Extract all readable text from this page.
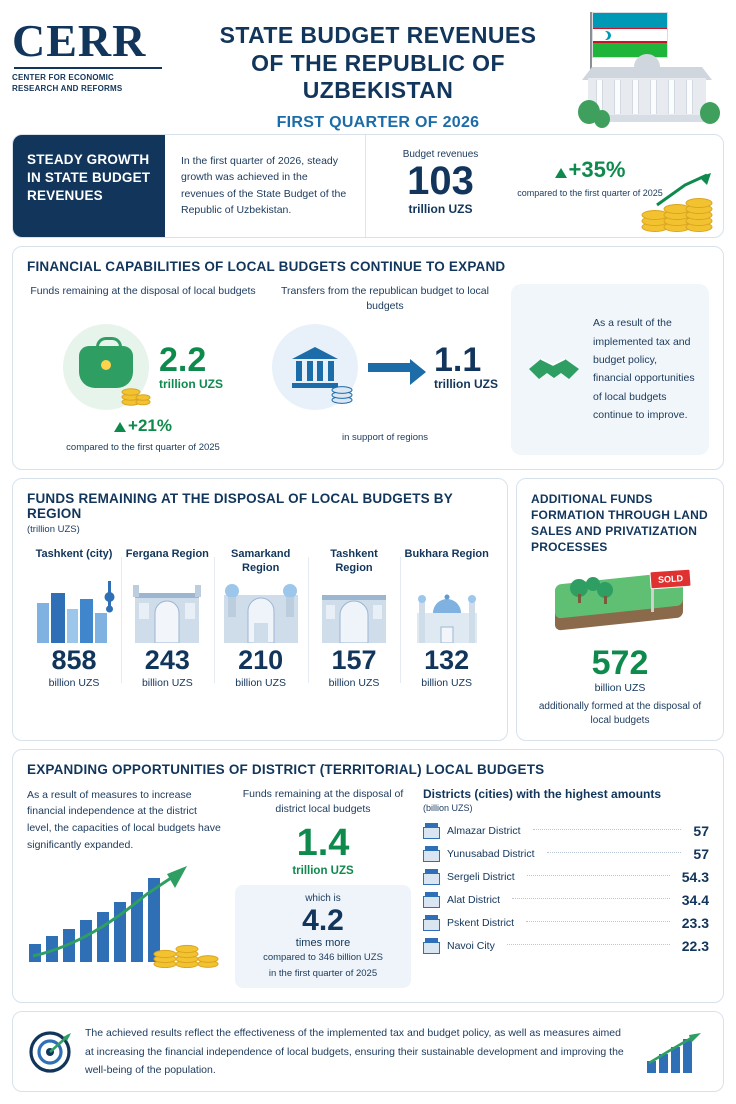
CERR
CENTER FOR ECONOMIC
RESEARCH AND REFORMS
STATE BUDGET REVENUES
OF THE REPUBLIC OF UZBEKISTAN
FIRST QUARTER OF 2026
STEADY GROWTH IN STATE BUDGET REVENUES
In the first quarter of 2026, steady growth was achieved in the revenues of the State Budget of the Republic of Uzbekistan.
Budget revenues
103
trillion UZS
+35%
compared to the first quarter of 2025
FINANCIAL CAPABILITIES OF LOCAL BUDGETS CONTINUE TO EXPAND
Funds remaining at the disposal of local budgets
2.2
trillion UZS
+21%
compared to the first quarter of 2025
Transfers from the republican budget to local budgets
1.1
trillion UZS
in support of regions

As a result of the implemented tax and budget policy, financial opportunities of local budgets continue to improve.

FUNDS REMAINING AT THE DISPOSAL OF LOCAL BUDGETS BY REGION
(trillion UZS)
Tashkent (city)
858
billion UZS
Fergana Region
243
billion UZS
Samarkand Region
210
billion UZS
Tashkent Region
157
billion UZS
Bukhara Region
132
billion UZS
ADDITIONAL FUNDS FORMATION THROUGH LAND SALES AND PRIVATIZATION PROCESSES
SOLD
572
billion UZS
additionally formed at the disposal of local budgets
EXPANDING OPPORTUNITIES OF DISTRICT (TERRITORIAL) LOCAL BUDGETS

As a result of measures to increase financial independence at the district level, the capacities of local budgets have significantly expanded.

Funds remaining at the disposal of district local budgets
1.4
trillion UZS
which is
4.2
times more
compared to 346 billion UZS
in the first quarter of 2025
Districts (cities) with the highest amounts
(billion UZS)
Almazar District	57
Yunusabad District	57
Sergeli District	54.3
Alat District	34.4
Pskent District	23.3
Navoi City	22.3

The achieved results reflect the effectiveness of the implemented tax and budget policy, as well as measures aimed at increasing the financial independence of local budgets, ensuring their sustainable development and improving the well-being of the population.
